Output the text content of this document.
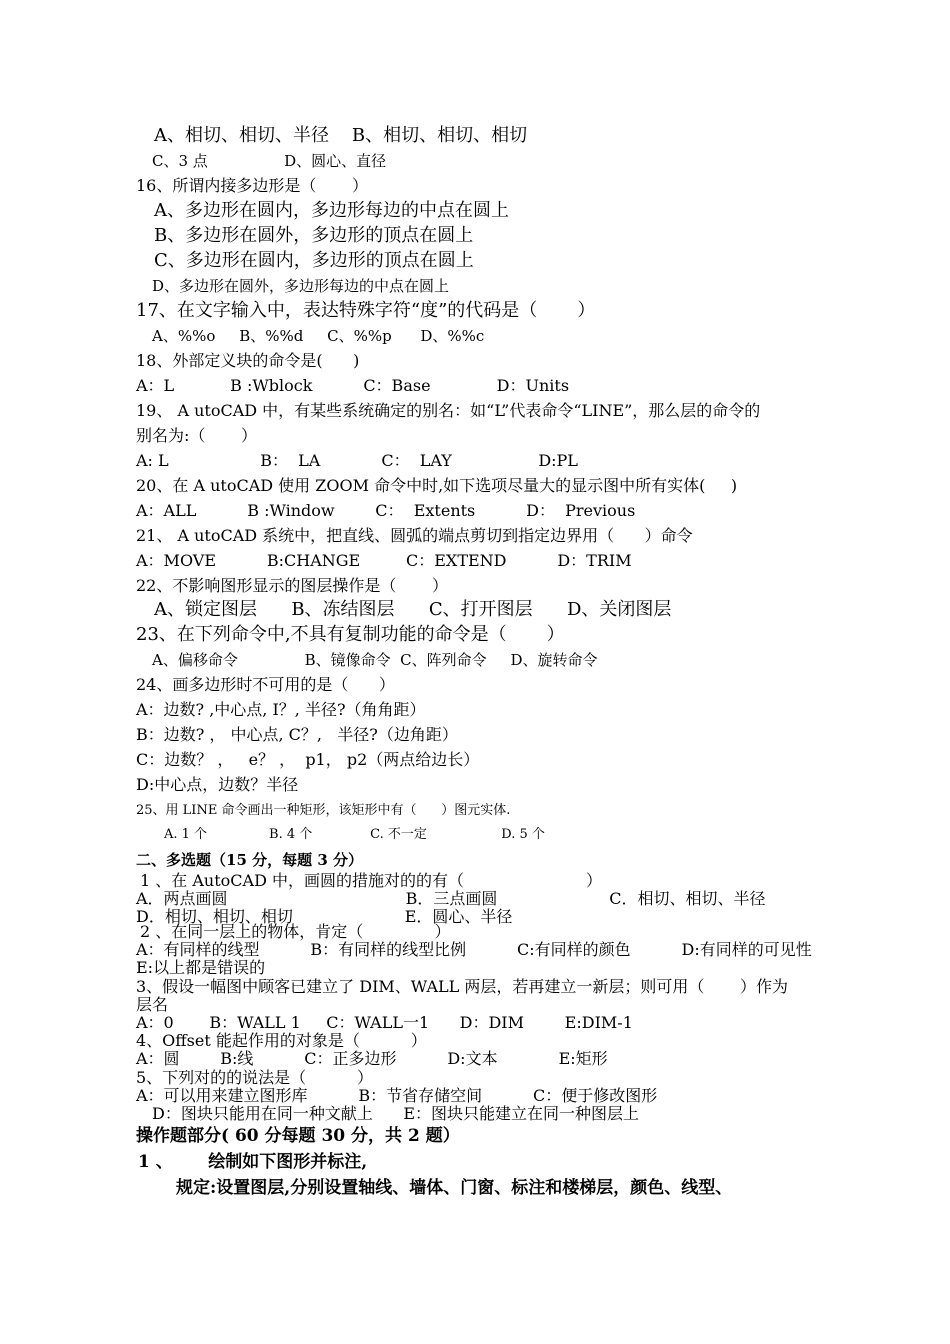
A、相切、相切、半径    B、相切、相切、相切
C、3 点                D、圆心、直径
16、所谓内接多边形是（       ）
A、多边形在圆内，多边形每边的中点在圆上
B、多边形在圆外，多边形的顶点在圆上
C、多边形在圆内，多边形的顶点在圆上
D、多边形在圆外，多边形每边的中点在圆上
17、在文字输入中，表达特殊字符“度”的代码是（       ）
A、%%o     B、%%d     C、%%p      D、%%c
18、外部定义块的命令是(      )
A：L           B :Wblock          C：Base             D：Units
19、 A utoCAD 中，有某些系统确定的别名：如“L”代表命令“LINE”，那么层的命令的
别名为:（       ）
A: L                  B：  LA            C：  LAY                 D:PL
20、在 A utoCAD 使用 ZOOM 命令中时,如下选项尽量大的显示图中所有实体(     )
A：ALL          B :Window        C：  Extents          D：  Previous
21、 A utoCAD 系统中，把直线、圆弧的端点剪切到指定边界用（      ）命令
A：MOVE          B:CHANGE         C：EXTEND          D：TRIM
22、不影响图形显示的图层操作是（       ）
A、锁定图层      B、冻结图层      C、打开图层      D、关闭图层
23、在下列命令中,不具有复制功能的命令是（       ）
A、偏移命令              B、镜像命令  C、阵列命令     D、旋转命令
24、画多边形时不可用的是（      ）
A：边数? ,中心点, I？, 半径?（角角距）
B：边数? ， 中心点, C？,   半径?（边角距）
C：边数？ ，   e？ ，  p1， p2（两点给边长）
D:中心点，边数？半径
25、用 LINE 命令画出一种矩形，该矩形中有（      ）图元实体.
A. 1 个               B. 4 个              C. 不一定                  D. 5 个
二、多选题（15 分，每题 3 分）
1 、在 AutoCAD 中，画圆的措施对的的有（                        ）
A．两点画圆                                   B．三点画圆                      C．相切、相切、半径
D．相切、相切、相切                      E．圆心、半径
2 、在同一层上的物体，肯定（              ）
A：有同样的线型          B：有同样的线型比例          C:有同样的颜色          D:有同样的可见性
E:以上都是错误的
3、假设一幅图中顾客已建立了 DIM、WALL 两层，若再建立一新层；则可用（       ）作为
层名
A：0       B：WALL 1     C：WALL一1      D：DIM        E:DIM-1
4、Offset 能起作用的对象是（          ）
A：圆        B:线          C：正多边形          D:文本            E:矩形
5、下列对的的说法是（          ）
A：可以用来建立图形库          B：节省存储空间          C：便于修改图形
D：图块只能用在同一种文献上      E：图块只能建立在同一种图层上
操作题部分( 60 分每题 30 分，共 2 题）
1 、      绘制如下图形并标注,
规定:设置图层,分别设置轴线、墙体、门窗、标注和楼梯层，颜色、线型、
